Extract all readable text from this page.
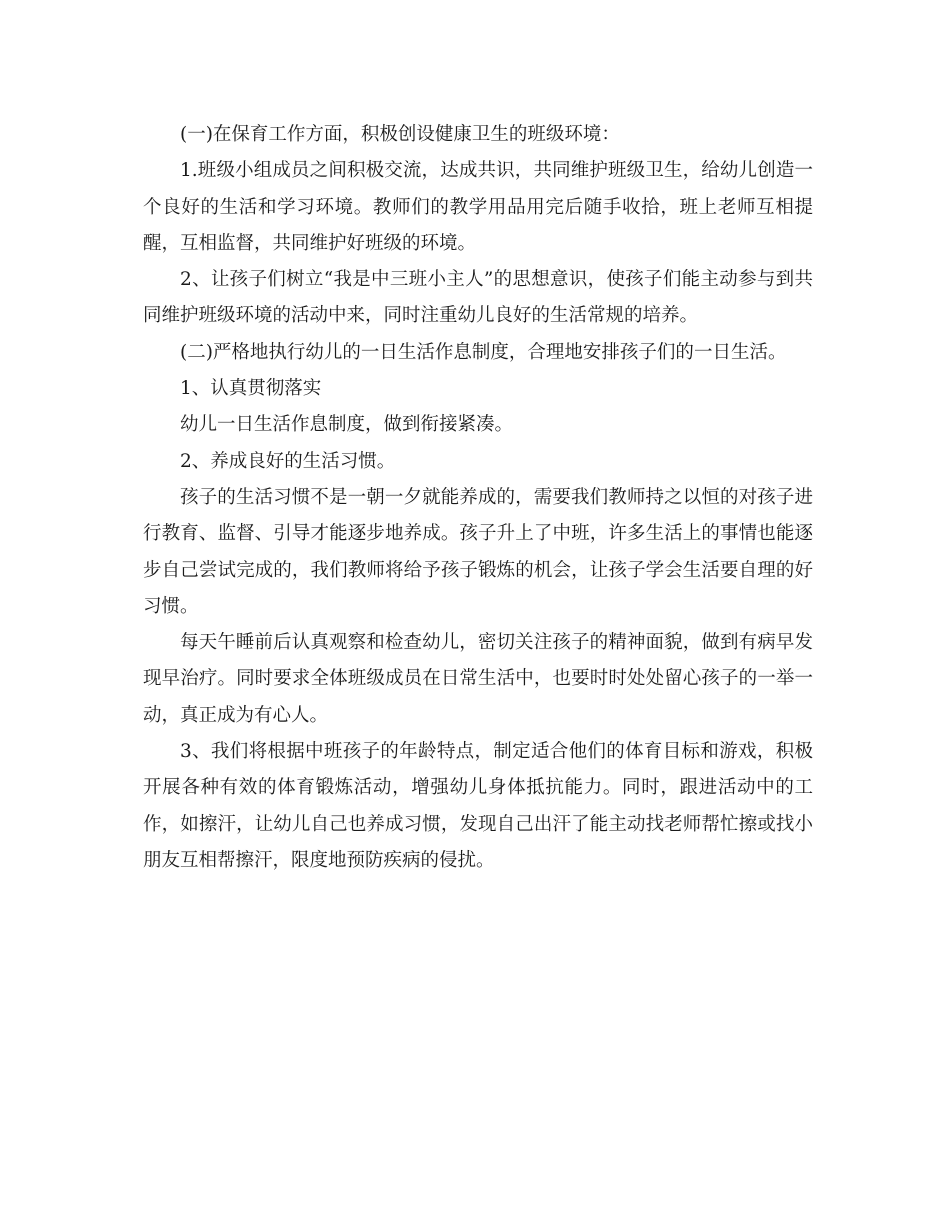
(一)在保育工作方面，积极创设健康卫生的班级环境：

1.班级小组成员之间积极交流，达成共识，共同维护班级卫生，给幼儿创造一个良好的生活和学习环境。教师们的教学用品用完后随手收拾，班上老师互相提醒，互相监督，共同维护好班级的环境。

2、让孩子们树立“我是中三班小主人”的思想意识，使孩子们能主动参与到共同维护班级环境的活动中来，同时注重幼儿良好的生活常规的培养。

(二)严格地执行幼儿的一日生活作息制度，合理地安排孩子们的一日生活。

1、认真贯彻落实

幼儿一日生活作息制度，做到衔接紧凑。

2、养成良好的生活习惯。

孩子的生活习惯不是一朝一夕就能养成的，需要我们教师持之以恒的对孩子进行教育、监督、引导才能逐步地养成。孩子升上了中班，许多生活上的事情也能逐步自己尝试完成的，我们教师将给予孩子锻炼的机会，让孩子学会生活要自理的好习惯。

每天午睡前后认真观察和检查幼儿，密切关注孩子的精神面貌，做到有病早发现早治疗。同时要求全体班级成员在日常生活中，也要时时处处留心孩子的一举一动，真正成为有心人。

3、我们将根据中班孩子的年龄特点，制定适合他们的体育目标和游戏，积极开展各种有效的体育锻炼活动，增强幼儿身体抵抗能力。同时，跟进活动中的工作，如擦汗，让幼儿自己也养成习惯，发现自己出汗了能主动找老师帮忙擦或找小朋友互相帮擦汗，限度地预防疾病的侵扰。
